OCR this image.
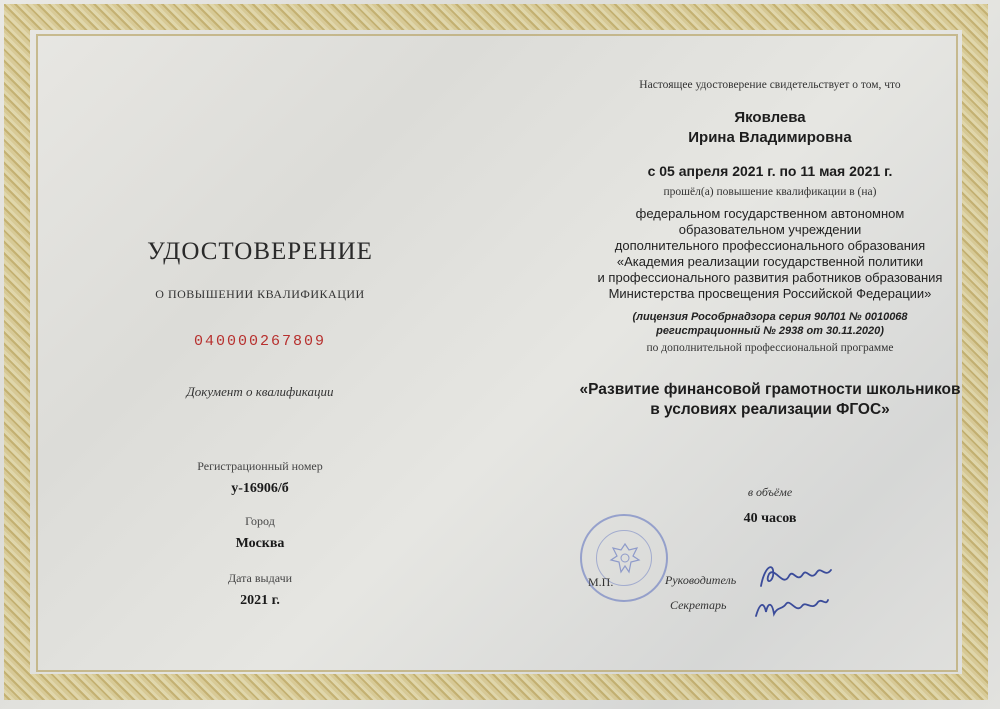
УДОСТОВЕРЕНИЕ
О ПОВЫШЕНИИ КВАЛИФИКАЦИИ
040000267809
Документ о квалификации
Регистрационный номер
у-16906/б
Город
Москва
Дата выдачи
2021 г.
Настоящее удостоверение свидетельствует о том, что
Яковлева
Ирина Владимировна
с 05 апреля 2021 г. по 11 мая 2021 г.
прошёл(а) повышение квалификации в (на)
федеральном государственном автономном
образовательном учреждении
дополнительного профессионального образования
«Академия реализации государственной политики
и профессионального развития работников образования
Министерства просвещения Российской Федерации»
(лицензия Рособрнадзора серия 90Л01 № 0010068
регистрационный № 2938 от 30.11.2020)
по дополнительной профессиональной программе
«Развитие финансовой грамотности школьников
в условиях реализации ФГОС»
в объёме
40 часов
М.П.	Руководитель
Секретарь
